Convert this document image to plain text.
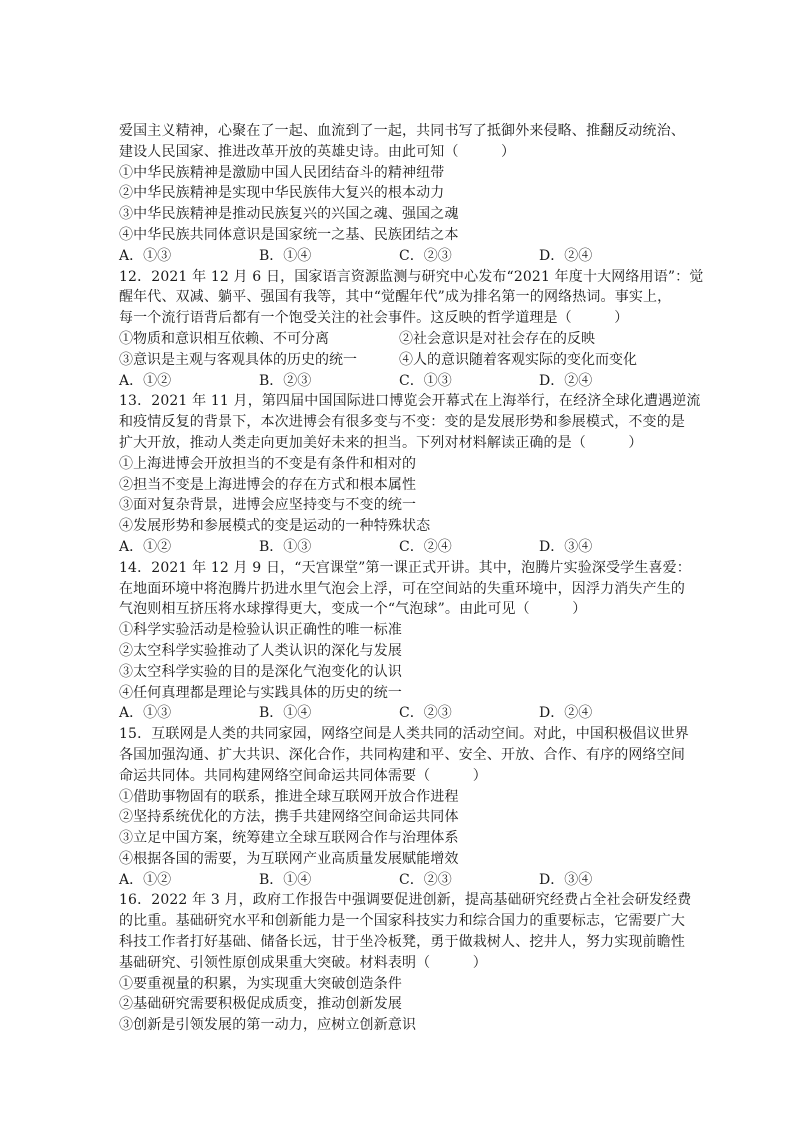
爱国主义精神，心聚在了一起、血流到了一起，共同书写了抵御外来侵略、推翻反动统治、
建设人民国家、推进改革开放的英雄史诗。由此可知（　　　）
①中华民族精神是激励中国人民团结奋斗的精神纽带
②中华民族精神是实现中华民族伟大复兴的根本动力
③中华民族精神是推动民族复兴的兴国之魂、强国之魂
④中华民族共同体意识是国家统一之基、民族团结之本
A．①③	B．①④	C．②③	D．②④
12．2021 年 12 月 6 日，国家语言资源监测与研究中心发布“2021 年度十大网络用语”：觉
醒年代、双减、躺平、强国有我等，其中“觉醒年代”成为排名第一的网络热词。事实上，
每一个流行语背后都有一个饱受关注的社会事件。这反映的哲学道理是（　　　）
①物质和意识相互依赖、不可分离	②社会意识是对社会存在的反映
③意识是主观与客观具体的历史的统一	④人的意识随着客观实际的变化而变化
A．①②	B．②③	C．①③	D．②④
13．2021 年 11 月，第四届中国国际进口博览会开幕式在上海举行，在经济全球化遭遇逆流
和疫情反复的背景下，本次进博会有很多变与不变：变的是发展形势和参展模式，不变的是
扩大开放，推动人类走向更加美好未来的担当。下列对材料解读正确的是（　　　）
①上海进博会开放担当的不变是有条件和相对的
②担当不变是上海进博会的存在方式和根本属性
③面对复杂背景，进博会应坚持变与不变的统一
④发展形势和参展模式的变是运动的一种特殊状态
A．①②	B．①③	C．②④	D．③④
14．2021 年 12 月 9 日，“天宫课堂”第一课正式开讲。其中，泡腾片实验深受学生喜爱：
在地面环境中将泡腾片扔进水里气泡会上浮，可在空间站的失重环境中，因浮力消失产生的
气泡则相互挤压将水球撑得更大，变成一个“气泡球”。由此可见（　　　）
①科学实验活动是检验认识正确性的唯一标准
②太空科学实验推动了人类认识的深化与发展
③太空科学实验的目的是深化气泡变化的认识
④任何真理都是理论与实践具体的历史的统一
A．①③	B．①④	C．②③	D．②④
15．互联网是人类的共同家园，网络空间是人类共同的活动空间。对此，中国积极倡议世界
各国加强沟通、扩大共识、深化合作，共同构建和平、安全、开放、合作、有序的网络空间
命运共同体。共同构建网络空间命运共同体需要（　　　）
①借助事物固有的联系，推进全球互联网开放合作进程
②坚持系统优化的方法，携手共建网络空间命运共同体
③立足中国方案，统筹建立全球互联网合作与治理体系
④根据各国的需要，为互联网产业高质量发展赋能增效
A．①②	B．①④	C．②③	D．③④
16．2022 年 3 月，政府工作报告中强调要促进创新，提高基础研究经费占全社会研发经费
的比重。基础研究水平和创新能力是一个国家科技实力和综合国力的重要标志，它需要广大
科技工作者打好基础、储备长远，甘于坐冷板凳，勇于做栽树人、挖井人，努力实现前瞻性
基础研究、引领性原创成果重大突破。材料表明（　　　）
①要重视量的积累，为实现重大突破创造条件
②基础研究需要积极促成质变，推动创新发展
③创新是引领发展的第一动力，应树立创新意识
